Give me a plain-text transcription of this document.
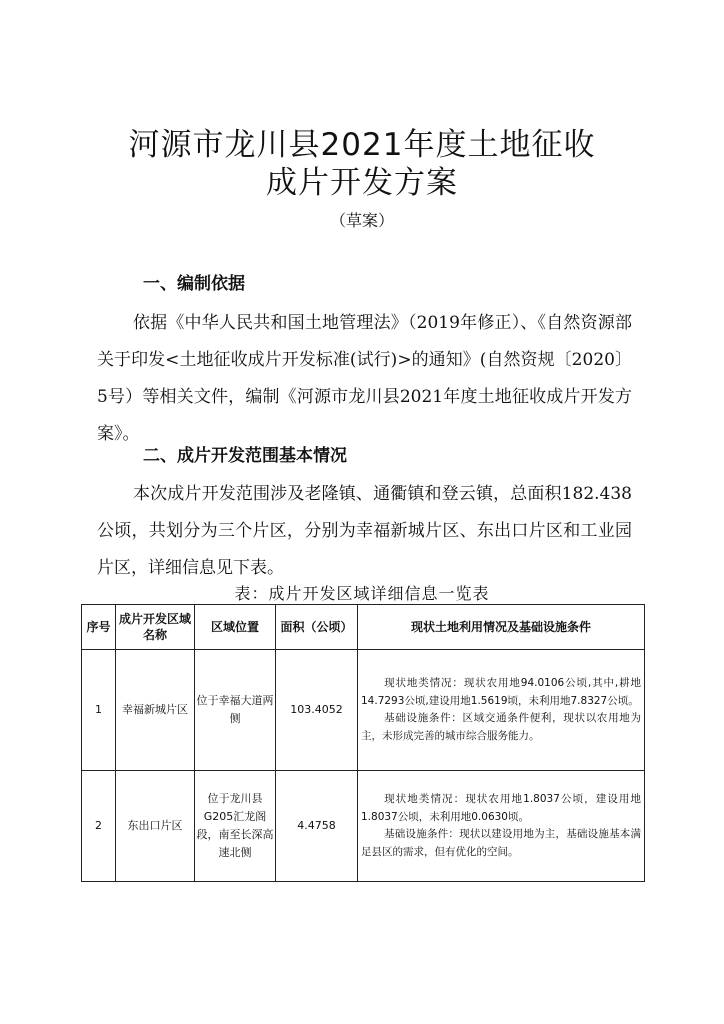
河源市龙川县2021年度土地征收
成片开发方案
（草案）
一、编制依据

依据《中华人民共和国土地管理法》（2019年修正）、《自然资源部关于印发<土地征收成片开发标准(试行)>的通知》(自然资规〔2020〕5号）等相关文件，编制《河源市龙川县2021年度土地征收成片开发方案》。

二、成片开发范围基本情况

本次成片开发范围涉及老隆镇、通衢镇和登云镇，总面积182.438公顷，共划分为三个片区，分别为幸福新城片区、东出口片区和工业园片区，详细信息见下表。

表：成片开发区域详细信息一览表
序号	成片开发区域名称	区域位置	面积（公顷）	现状土地利用情况及基础设施条件
1	幸福新城片区	位于幸福大道两侧	103.4052	现状地类情况：现状农用地94.0106公顷,其中,耕地14.7293公顷,建设用地1.5619顷，未利用地7.8327公顷。

基础设施条件：区域交通条件便利，现状以农用地为主，未形成完善的城市综合服务能力。

2	东出口片区	位于龙川县G205汇龙阁段，南至长深高速北侧	4.4758	现状地类情况：现状农用地1.8037公顷，建设用地1.8037公顷，未利用地0.0630顷。

基础设施条件：现状以建设用地为主，基础设施基本满足县区的需求，但有优化的空间。
